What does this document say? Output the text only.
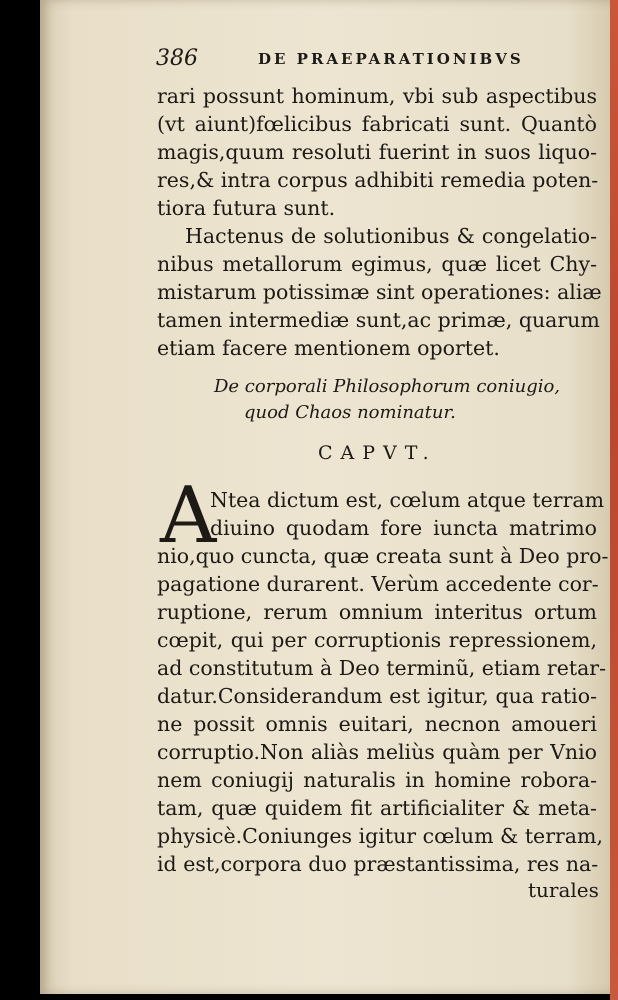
386	DE PRAEPARATIONIBVS
rari possunt hominum, vbi sub aspectibus
(vt aiunt)fœlicibus fabricati sunt. Quantò
magis,quum resoluti fuerint in suos liquo-
res,& intra corpus adhibiti remedia poten-
tiora futura sunt.
Hactenus de solutionibus & congelatio-
nibus metallorum egimus, quæ licet Chy-
mistarum potissimæ sint operationes: aliæ
tamen intermediæ sunt,ac primæ, quarum
etiam facere mentionem oportet.
De corporali Philosophorum coniugio,
quod Chaos nominatur.
CAPVT.
A
Ntea dictum est, cœlum atque terram
diuino quodam fore iuncta matrimo
nio,quo cuncta, quæ creata sunt à Deo pro-
pagatione durarent. Verùm accedente cor-
ruptione, rerum omnium interitus ortum
cœpit, qui per corruptionis repressionem,
ad constitutum à Deo terminũ, etiam retar-
datur.Considerandum est igitur, qua ratio-
ne possit omnis euitari, necnon amoueri
corruptio.Non aliàs meliùs quàm per Vnio
nem coniugij naturalis in homine robora-
tam, quæ quidem fit artificialiter & meta-
physicè.Coniunges igitur cœlum & terram,
id est,corpora duo præstantissima, res na-
turales
